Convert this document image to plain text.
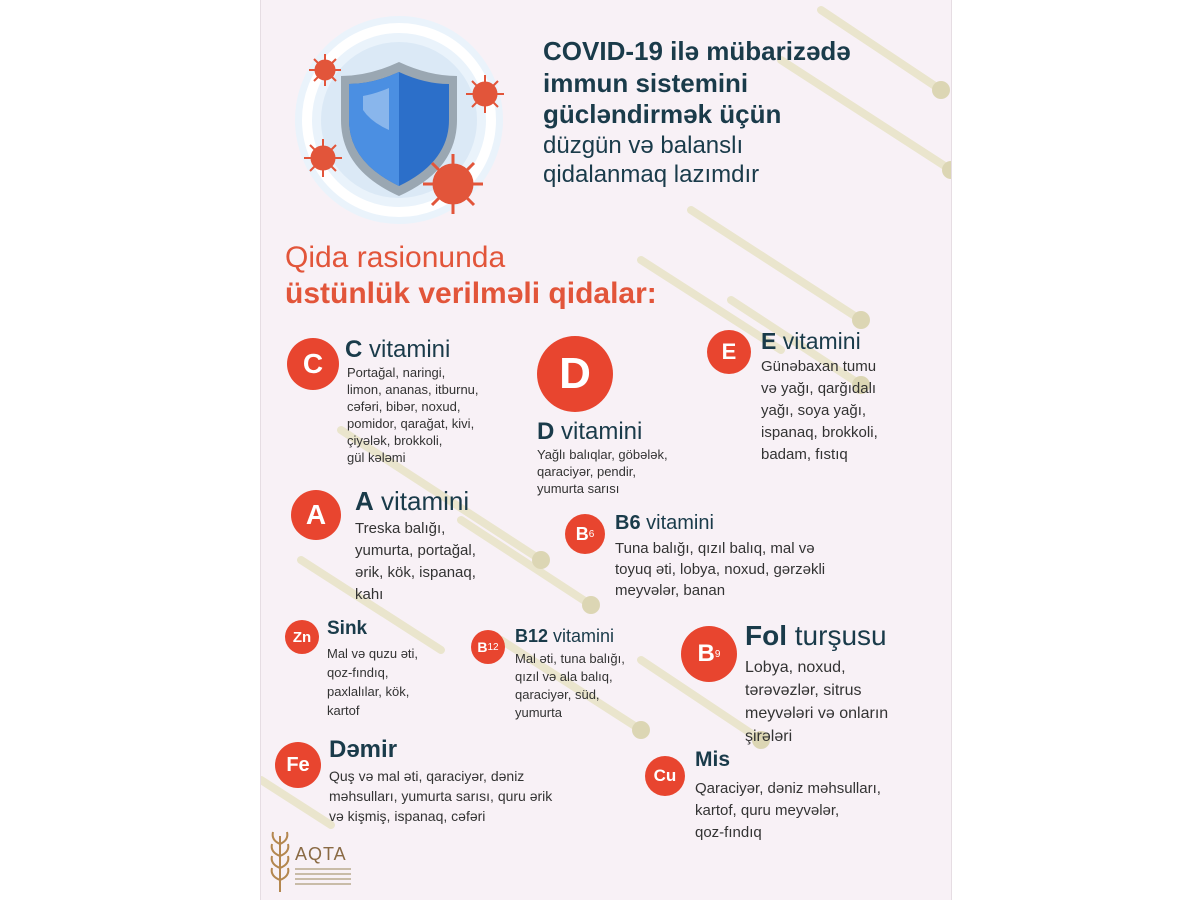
COVID-19 ilə mübarizədə
immun sistemini
gücləndirmək üçün
düzgün və balanslı
qidalanmaq lazımdır
Qida rasionunda
üstünlük verilməli qidalar:
C C vitamini
Portağal, naringi,
limon, ananas, itburnu,
cəfəri, bibər, noxud,
pomidor, qarağat, kivi,
çiyələk, brokkoli,
gül kələmi
D
D vitamini
Yağlı balıqlar, göbələk,
qaraciyər, pendir,
yumurta sarısı
E	E vitamini
Günəbaxan tumu
və yağı, qarğıdalı
yağı, soya yağı,
ispanaq, brokkoli,
badam, fıstıq
A	A vitamini
Treska balığı,
yumurta, portağal,
ərik, kök, ispanaq,
kahı
B 6 B6 vitamini
Tuna balığı, qızıl balıq, mal və
toyuq əti, lobya, noxud, gərzəkli
meyvələr, banan
Zn Sink
Mal və quzu əti,
qoz-fındıq,
paxlalılar, kök,
kartof
B 12
B12 vitamini
Mal əti, tuna balığı,
qızıl və ala balıq,
qaraciyər, süd,
yumurta
B 9
Fol turşusu
Lobya, noxud,
tərəvəzlər, sitrus
meyvələri və onların
şirələri
Fe
Dəmir
Quş və mal əti, qaraciyər, dəniz
məhsulları, yumurta sarısı, quru ərik
və kişmiş, ispanaq, cəfəri
Cu
Mis
Qaraciyər, dəniz məhsulları,
kartof, quru meyvələr,
qoz-fındıq
AQTA
